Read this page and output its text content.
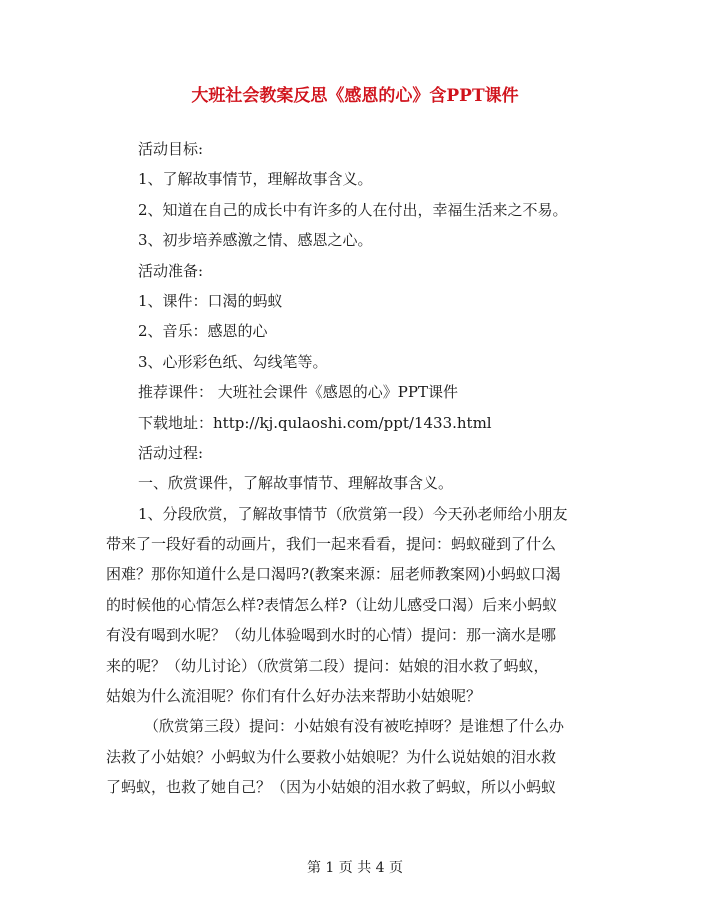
大班社会教案反思《感恩的心》含PPT课件
活动目标:
1、了解故事情节，理解故事含义。
2、知道在自己的成长中有许多的人在付出，幸福生活来之不易。
3、初步培养感激之情、感恩之心。
活动准备:
1、课件：口渴的蚂蚁
2、音乐：感恩的心
3、心形彩色纸、勾线笔等。
推荐课件： 大班社会课件《感恩的心》PPT课件
下载地址：http://kj.qulaoshi.com/ppt/1433.html
活动过程:
一、欣赏课件，了解故事情节、理解故事含义。
1、分段欣赏，了解故事情节（欣赏第一段）今天孙老师给小朋友
带来了一段好看的动画片，我们一起来看看，提问：蚂蚁碰到了什么
困难？那你知道什么是口渴吗?(教案来源：屈老师教案网)小蚂蚁口渴
的时候他的心情怎么样?表情怎么样?（让幼儿感受口渴）后来小蚂蚁
有没有喝到水呢？（幼儿体验喝到水时的心情）提问：那一滴水是哪
来的呢？（幼儿讨论）（欣赏第二段）提问：姑娘的泪水救了蚂蚁，
姑娘为什么流泪呢？你们有什么好办法来帮助小姑娘呢？
（欣赏第三段）提问：小姑娘有没有被吃掉呀？是谁想了什么办
法救了小姑娘？小蚂蚁为什么要救小姑娘呢？为什么说姑娘的泪水救
了蚂蚁，也救了她自己？（因为小姑娘的泪水救了蚂蚁，所以小蚂蚁
第 1 页 共 4 页
